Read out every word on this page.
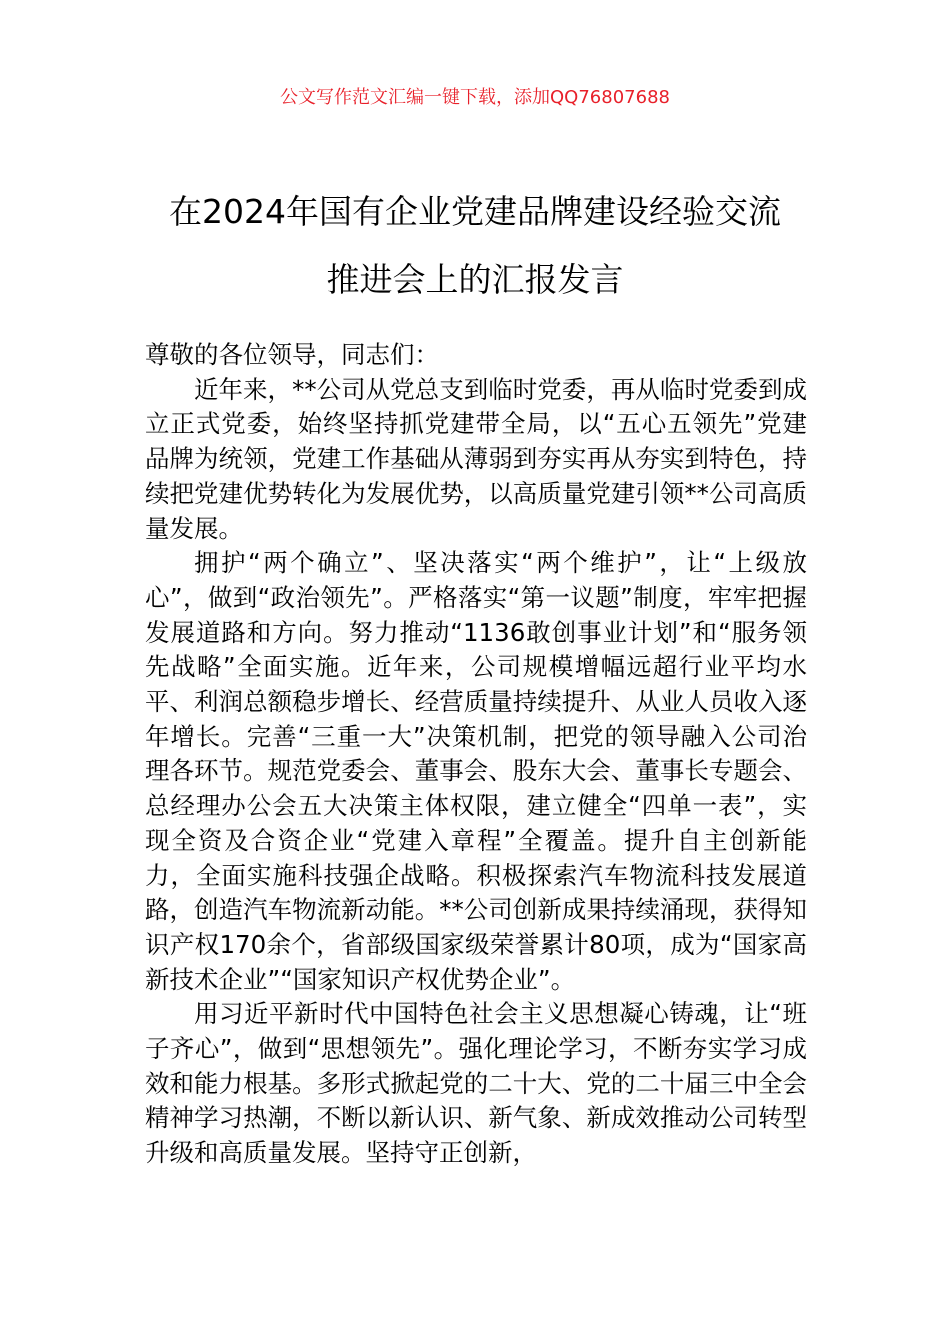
公文写作范文汇编一键下载，添加QQ76807688
在2024年国有企业党建品牌建设经验交流
推进会上的汇报发言

尊敬的各位领导，同志们：

近年来，**公司从党总支到临时党委，再从临时党委到成立正式党委，始终坚持抓党建带全局，以“五心五领先”党建品牌为统领，党建工作基础从薄弱到夯实再从夯实到特色，持续把党建优势转化为发展优势，以高质量党建引领**公司高质量发展。

拥护“两个确立”、坚决落实“两个维护”，让“上级放心”，做到“政治领先”。严格落实“第一议题”制度，牢牢把握发展道路和方向。努力推动“1136敢创事业计划”和“服务领先战略”全面实施。近年来，公司规模增幅远超行业平均水平、利润总额稳步增长、经营质量持续提升、从业人员收入逐年增长。完善“三重一大”决策机制，把党的领导融入公司治理各环节。规范党委会、董事会、股东大会、董事长专题会、总经理办公会五大决策主体权限，建立健全“四单一表”，实现全资及合资企业“党建入章程”全覆盖。提升自主创新能力，全面实施科技强企战略。积极探索汽车物流科技发展道路，创造汽车物流新动能。**公司创新成果持续涌现，获得知识产权170余个，省部级国家级荣誉累计80项，成为“国家高新技术企业”“国家知识产权优势企业”。

用习近平新时代中国特色社会主义思想凝心铸魂，让“班子齐心”，做到“思想领先”。强化理论学习，不断夯实学习成效和能力根基。多形式掀起党的二十大、党的二十届三中全会精神学习热潮，不断以新认识、新气象、新成效推动公司转型升级和高质量发展。坚持守正创新，
